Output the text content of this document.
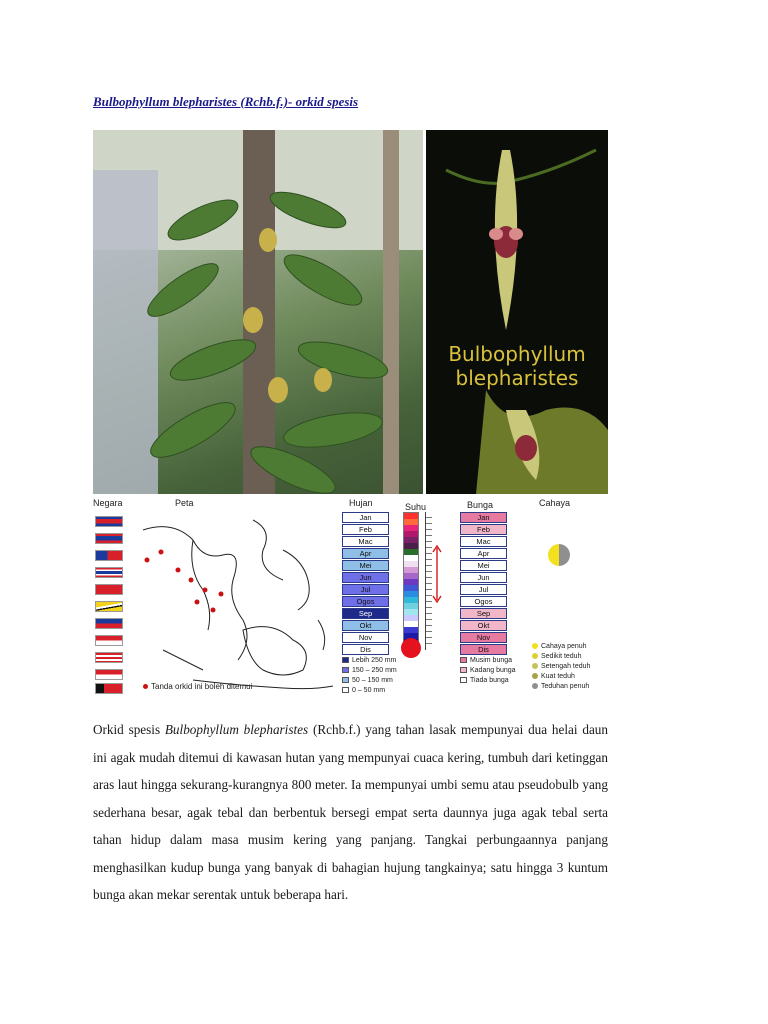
Bulbophyllum blepharistes (Rchb.f.)- orkid spesis
Bulbophyllum
blepharistes
Negara	Peta	Hujan	Suhu	Bunga	Cahaya
Tanda orkid ini boleh ditemui
Jan
Feb
Mac
Apr
Mei
Jun
Jul
Ogos
Sep
Okt
Nov
Dis
Lebih 250 mm
150 – 250 mm
50 – 150 mm
0 – 50 mm
Jan
Feb
Mac
Apr
Mei
Jun
Jul
Ogos
Sep
Okt
Nov
Dis
Musim bunga
Kadang bunga
Tiada bunga
Cahaya penuh
Sedikit teduh
Setengah teduh
Kuat teduh
Teduhan penuh
Orkid spesis Bulbophyllum blepharistes (Rchb.f.) yang tahan lasak mempunyai dua helai daun ini agak mudah ditemui di kawasan hutan yang mempunyai cuaca kering, tumbuh dari ketinggan aras laut hingga sekurang-kurangnya 800 meter. Ia mempunyai umbi semu atau pseudobulb yang sederhana besar, agak tebal dan berbentuk bersegi empat serta daunnya juga agak tebal serta tahan hidup dalam masa musim kering yang panjang. Tangkai perbungaannya panjang menghasilkan kudup bunga yang banyak di bahagian hujung tangkainya; satu hingga 3 kuntum bunga akan mekar serentak untuk beberapa hari.
